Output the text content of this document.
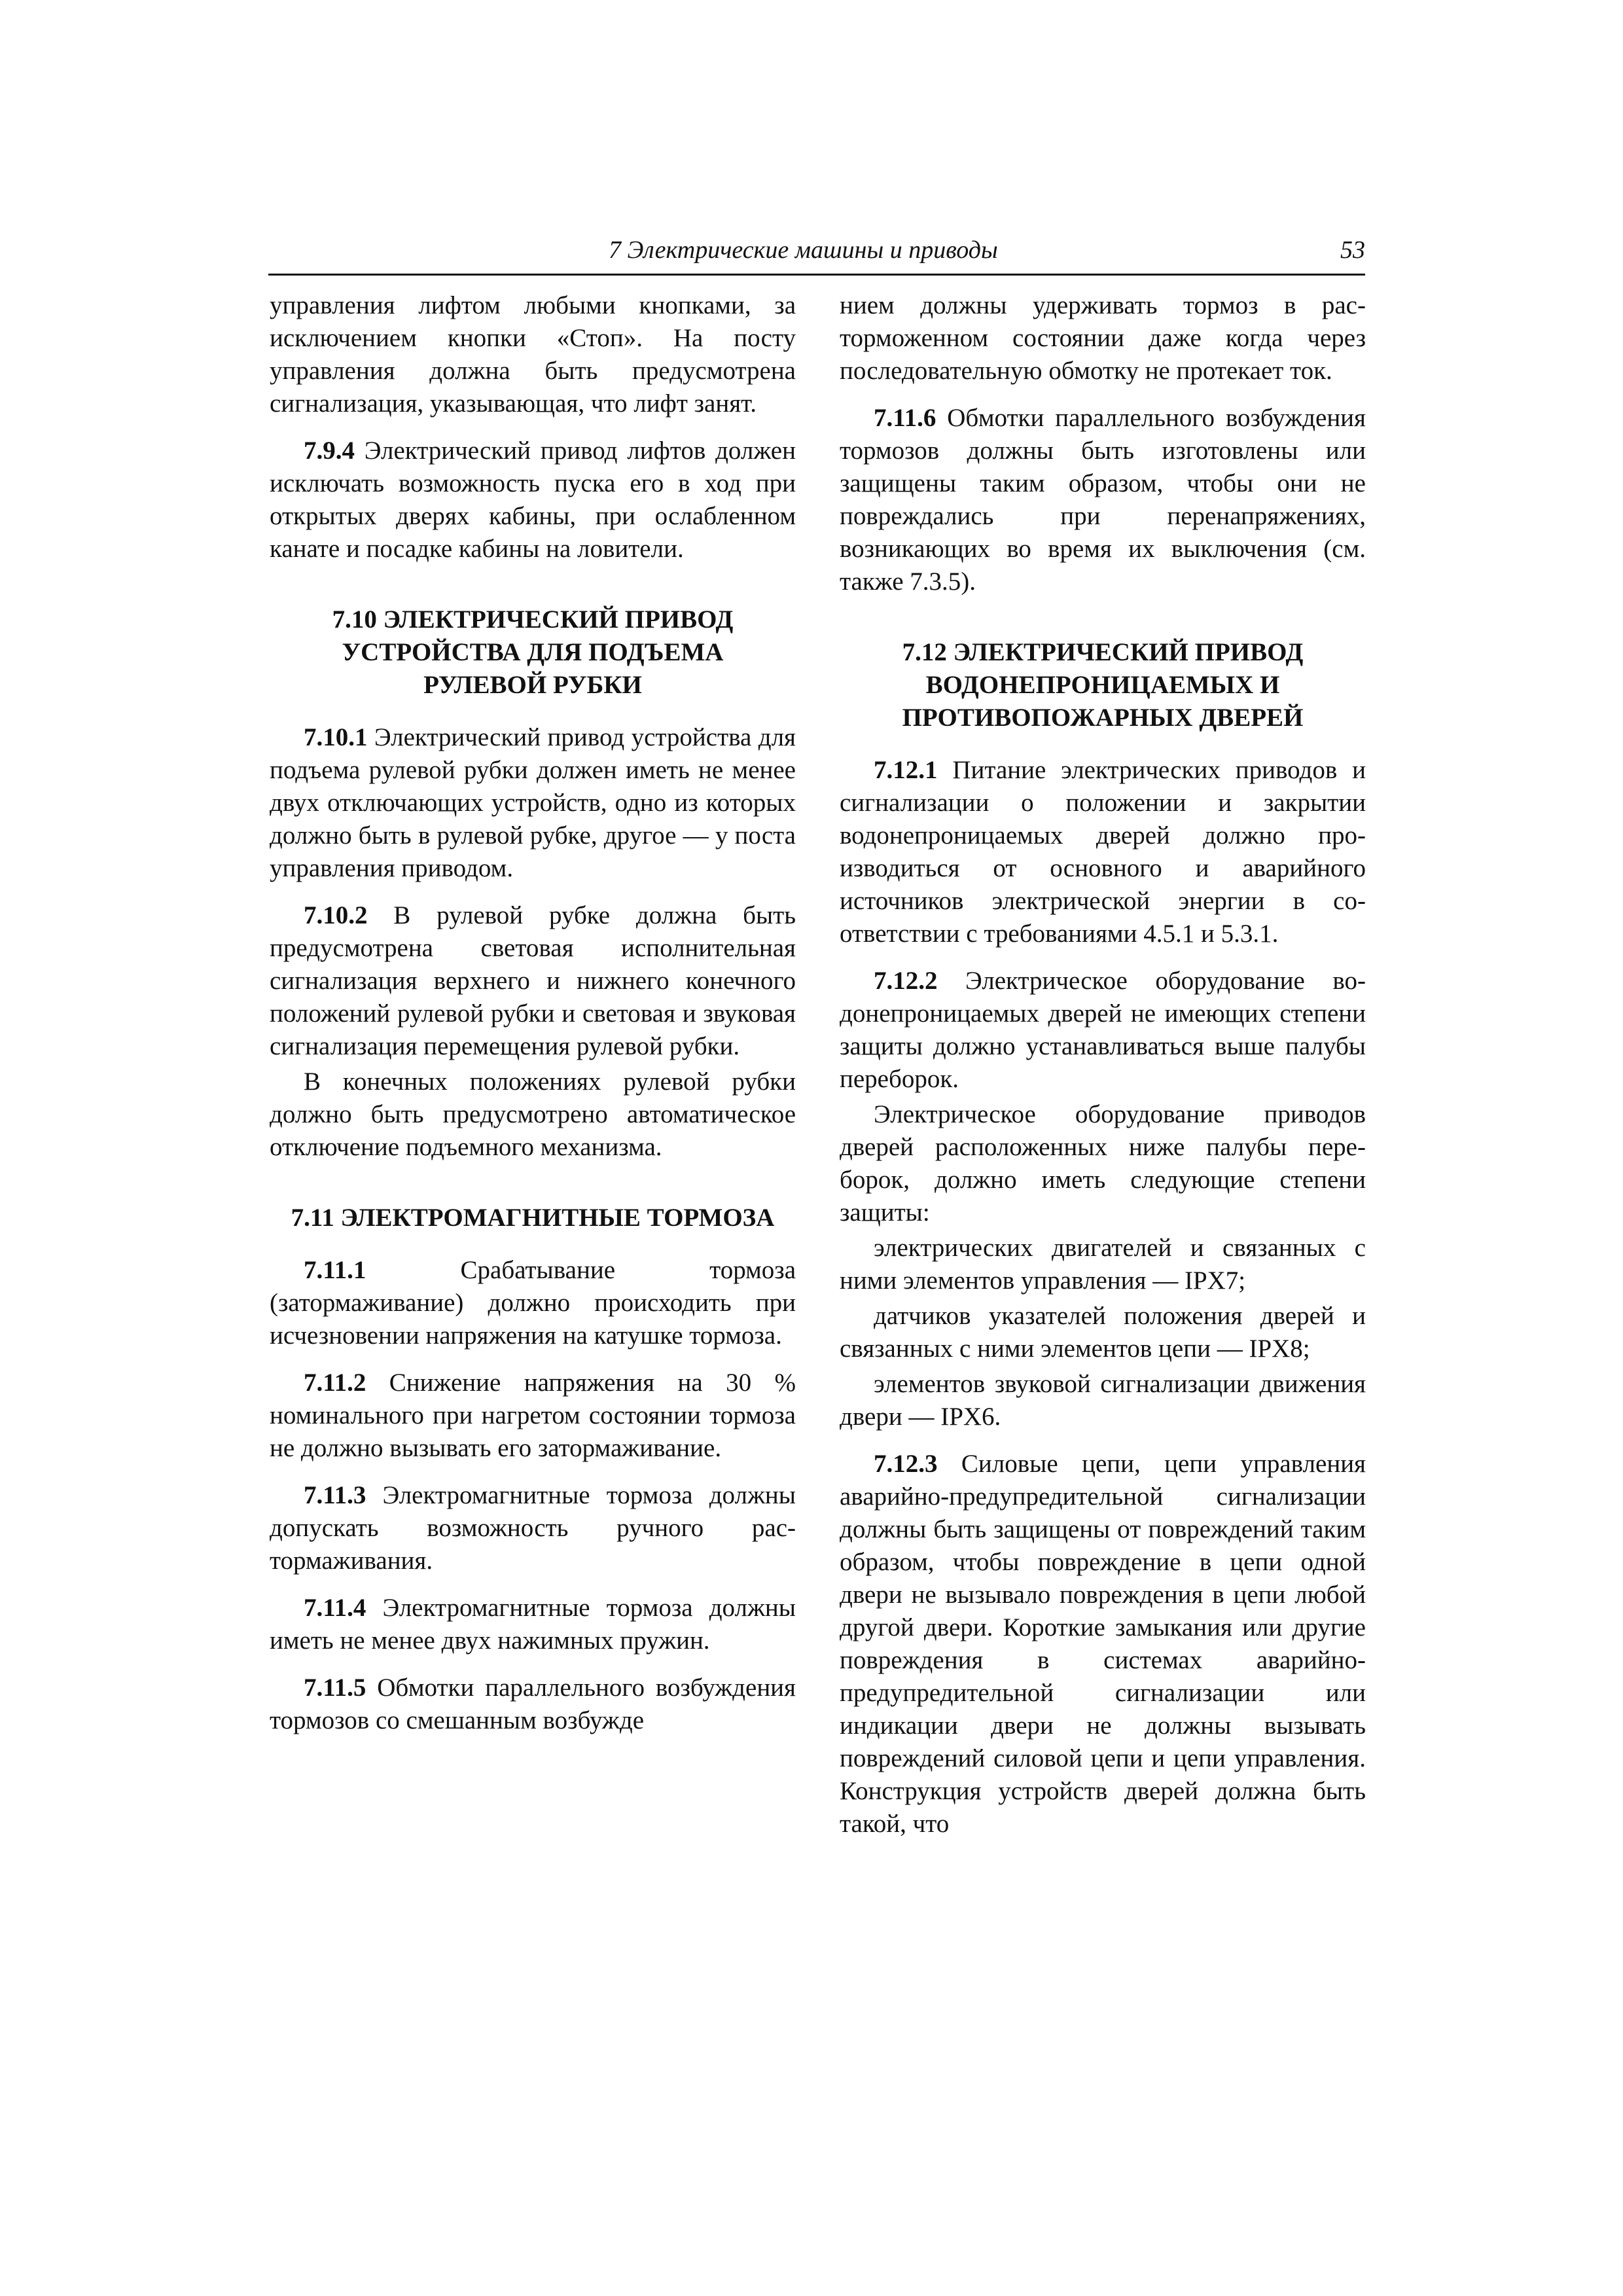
7 Электрические машины и приводы	53

управления лифтом любыми кнопками, за исключением кнопки «Стоп». На посту управления должна быть предусмотрена сигнализация, указывающая, что лифт занят.

7.9.4 Электрический привод лифтов должен исключать возможность пуска его в ход при открытых дверях кабины, при ослабленном канате и посадке кабины на ловители.

7.10 ЭЛЕКТРИЧЕСКИЙ ПРИВОД
УСТРОЙСТВА ДЛЯ ПОДЪЕМА
РУЛЕВОЙ РУБКИ

7.10.1 Электрический привод устройства для подъема рулевой рубки должен иметь не менее двух отключающих устройств, одно из которых должно быть в рулевой рубке, другое — у поста управления приводом.

7.10.2 В рулевой рубке должна быть предусмотрена световая исполнительная сигнализация верхнего и нижнего конечного положений рулевой рубки и световая и звуковая сигнализация перемещения рулевой рубки.

В конечных положениях рулевой рубки должно быть предусмотрено автоматическое отключение подъемного механизма.

7.11 ЭЛЕКТРОМАГНИТНЫЕ ТОРМОЗА

7.11.1 Срабатывание тормоза (затормаживание) должно происходить при исчезновении напряжения на катушке тормоза.

7.11.2 Снижение напряжения на 30 % номинального при нагретом состоянии тормоза не должно вызывать его затормаживание.

7.11.3 Электромагнитные тормоза должны допускать возможность ручного растормаживания.

7.11.4 Электромагнитные тормоза должны иметь не менее двух нажимных пружин.

7.11.5 Обмотки параллельного возбуждения тормозов со смешанным возбужде

нием должны удерживать тормоз в расторможенном состоянии даже когда через последовательную обмотку не протекает ток.

7.11.6 Обмотки параллельного возбуждения тормозов должны быть изготовлены или защищены таким образом, чтобы они не повреждались при перенапряжениях, возникающих во время их выключения (см. также 7.3.5).

7.12 ЭЛЕКТРИЧЕСКИЙ ПРИВОД
ВОДОНЕПРОНИЦАЕМЫХ И
ПРОТИВОПОЖАРНЫХ ДВЕРЕЙ

7.12.1 Питание электрических приводов и сигнализации о положении и закрытии водонепроницаемых дверей должно производиться от основного и аварийного источников электрической энергии в соответствии с требованиями 4.5.1 и 5.3.1.

7.12.2 Электрическое оборудование водонепроницаемых дверей не имеющих степени защиты должно устанавливаться выше палубы переборок.

Электрическое оборудование приводов дверей расположенных ниже палубы переборок, должно иметь следующие степени защиты:

электрических двигателей и связанных с ними элементов управления — IPX7;

датчиков указателей положения дверей и связанных с ними элементов цепи — IPX8;

элементов звуковой сигнализации движения двери — IPX6.

7.12.3 Силовые цепи, цепи управления аварийно-предупредительной сигнализации должны быть защищены от повреждений таким образом, чтобы повреждение в цепи одной двери не вызывало повреждения в цепи любой другой двери. Короткие замыкания или другие повреждения в системах аварийно-предупредительной сигнализации или индикации двери не должны вызывать повреждений силовой цепи и цепи управления. Конструкция устройств дверей должна быть такой, что
